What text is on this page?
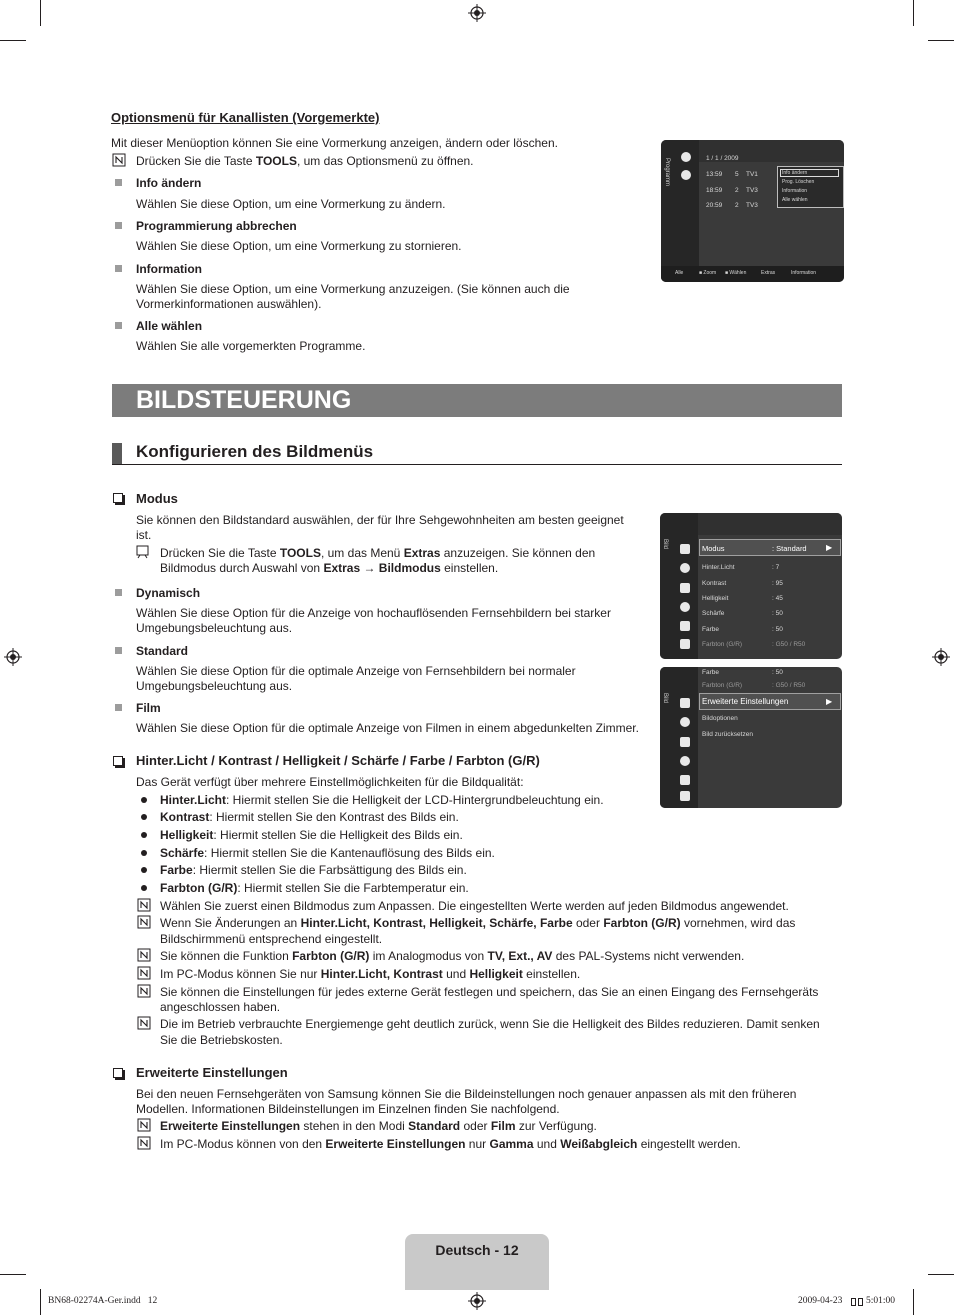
Optionsmenü für Kanallisten (Vorgemerkte)
Mit dieser Menüoption können Sie eine Vormerkung anzeigen, ändern oder löschen.
Drücken Sie die Taste TOOLS, um das Optionsmenü zu öffnen.
Info ändern
Wählen Sie diese Option, um eine Vormerkung zu ändern.
Programmierung abbrechen
Wählen Sie diese Option, um eine Vormerkung zu stornieren.
Information
Wählen Sie diese Option, um eine Vormerkung anzuzeigen. (Sie können auch die
Vormerkinformationen auswählen).
Alle wählen
Wählen Sie alle vorgemerkten Programme.
Programm	1 / 1 / 2009
13:59 5 TV1
18:59 2 TV3
20:59 2 TV3
Info ändern
Prog. Löschen
Information
Alle wählen
Alle	■ Zoom ■ Wählen	Extras	Information
BILDSTEUERUNG
Konfigurieren des Bildmenüs
Modus
Sie können den Bildstandard auswählen, der für Ihre Sehgewohnheiten am besten geeignet
ist.
Drücken Sie die Taste TOOLS, um das Menü Extras anzuzeigen. Sie können den
Bildmodus durch Auswahl von Extras → Bildmodus einstellen.
Dynamisch
Wählen Sie diese Option für die Anzeige von hochauflösenden Fernsehbildern bei starker
Umgebungsbeleuchtung aus.
Standard
Wählen Sie diese Option für die optimale Anzeige von Fernsehbildern bei normaler
Umgebungsbeleuchtung aus.
Film
Wählen Sie diese Option für die optimale Anzeige von Filmen in einem abgedunkelten Zimmer.
Bild	Modus	: Standard ▶
Hinter.Licht	: 7
Kontrast	: 95
Helligkeit	: 45
Schärfe	: 50
Farbe	: 50
Farbton (G/R)	: G50 / R50
Bild
Farbe	: 50
Farbton (G/R)	: G50 / R50
Erweiterte Einstellungen	▶
Bildoptionen
Bild zurücksetzen
Hinter.Licht / Kontrast / Helligkeit / Schärfe / Farbe / Farbton (G/R)
Das Gerät verfügt über mehrere Einstellmöglichkeiten für die Bildqualität:
Hinter.Licht: Hiermit stellen Sie die Helligkeit der LCD-Hintergrundbeleuchtung ein.
Kontrast: Hiermit stellen Sie den Kontrast des Bilds ein.
Helligkeit: Hiermit stellen Sie die Helligkeit des Bilds ein.
Schärfe: Hiermit stellen Sie die Kantenauflösung des Bilds ein.
Farbe: Hiermit stellen Sie die Farbsättigung des Bilds ein.
Farbton (G/R): Hiermit stellen Sie die Farbtemperatur ein.
Wählen Sie zuerst einen Bildmodus zum Anpassen. Die eingestellten Werte werden auf jeden Bildmodus angewendet.
Wenn Sie Änderungen an Hinter.Licht, Kontrast, Helligkeit, Schärfe, Farbe oder Farbton (G/R) vornehmen, wird das
Bildschirmmenü entsprechend eingestellt.
Sie können die Funktion Farbton (G/R) im Analogmodus von TV, Ext., AV des PAL-Systems nicht verwenden.
Im PC-Modus können Sie nur Hinter.Licht, Kontrast und Helligkeit einstellen.
Sie können die Einstellungen für jedes externe Gerät festlegen und speichern, das Sie an einen Eingang des Fernsehgeräts
angeschlossen haben.
Die im Betrieb verbrauchte Energiemenge geht deutlich zurück, wenn Sie die Helligkeit des Bildes reduzieren. Damit senken
Sie die Betriebskosten.
Erweiterte Einstellungen
Bei den neuen Fernsehgeräten von Samsung können Sie die Bildeinstellungen noch genauer anpassen als mit den früheren
Modellen. Informationen Bildeinstellungen im Einzelnen finden Sie nachfolgend.
Erweiterte Einstellungen stehen in den Modi Standard oder Film zur Verfügung.
Im PC-Modus können von den Erweiterte Einstellungen nur Gamma und Weißabgleich eingestellt werden.
Deutsch - 12
BN68-02274A-Ger.indd   12	2009-04-23 5:01:00
